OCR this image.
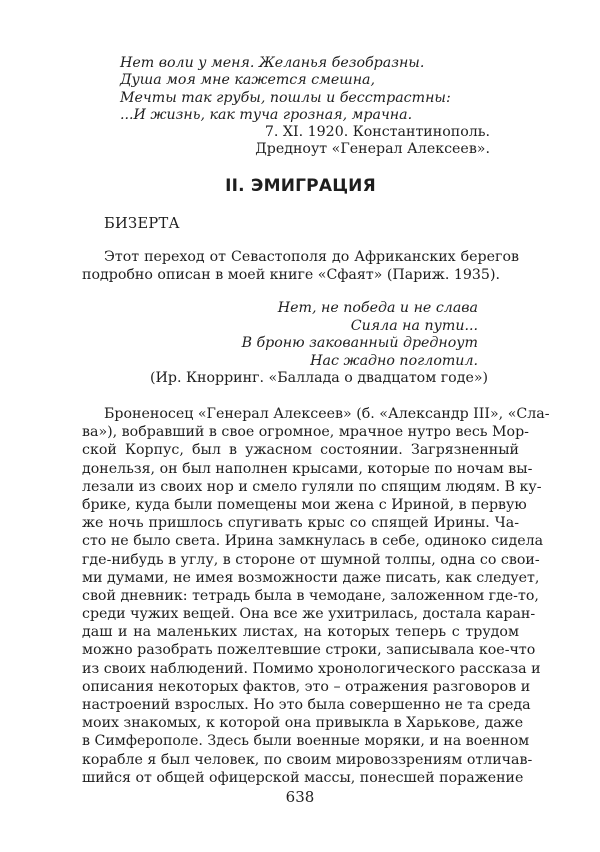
Нет воли у меня. Желанья безобразны.

Душа моя мне кажется смешна,

Мечты так грубы, пошлы и бесстрастны:

...И жизнь, как туча грозная, мрачна.

7. XI. 1920. Константинополь.

Дредноут «Генерал Алексеев».

II. ЭМИГРАЦИЯ

БИЗЕРТА

Этот переход от Севастополя до Африканских берегов подробно описан в моей книге «Сфаят» (Париж. 1935).

Нет, не победа и не слава

Сияла на пути...

В броню закованный дредноут

Нас жадно поглотил.

(Ир. Кнорринг. «Баллада о двадцатом годе»)

Броненосец «Генерал Алексеев» (б. «Александр III», «Сла-
ва»), вобравший в свое огромное, мрачное нутро весь Мор-
ской Корпус, был в ужасном состоянии. Загрязненный
донельзя, он был наполнен крысами, которые по ночам вы-
лезали из своих нор и смело гуляли по спящим людям. В ку-
брике, куда были помещены мои жена с Ириной, в первую
же ночь пришлось спугивать крыс со спящей Ирины. Ча-
сто не было света. Ирина замкнулась в себе, одиноко сидела
где-нибудь в углу, в стороне от шумной толпы, одна со свои-
ми думами, не имея возможности даже писать, как следует,
свой дневник: тетрадь была в чемодане, заложенном где-то,
среди чужих вещей. Она все же ухитрилась, достала каран-
даш и на маленьких листах, на которых теперь с трудом
можно разобрать пожелтевшие строки, записывала кое-что
из своих наблюдений. Помимо хронологического рассказа и
описания некоторых фактов, это – отражения разговоров и
настроений взрослых. Но это была совершенно не та среда
моих знакомых, к которой она привыкла в Харькове, даже
в Симферополе. Здесь были военные моряки, и на военном
корабле я был человек, по своим мировоззрениям отличав-
шийся от общей офицерской массы, понесшей поражение

638
